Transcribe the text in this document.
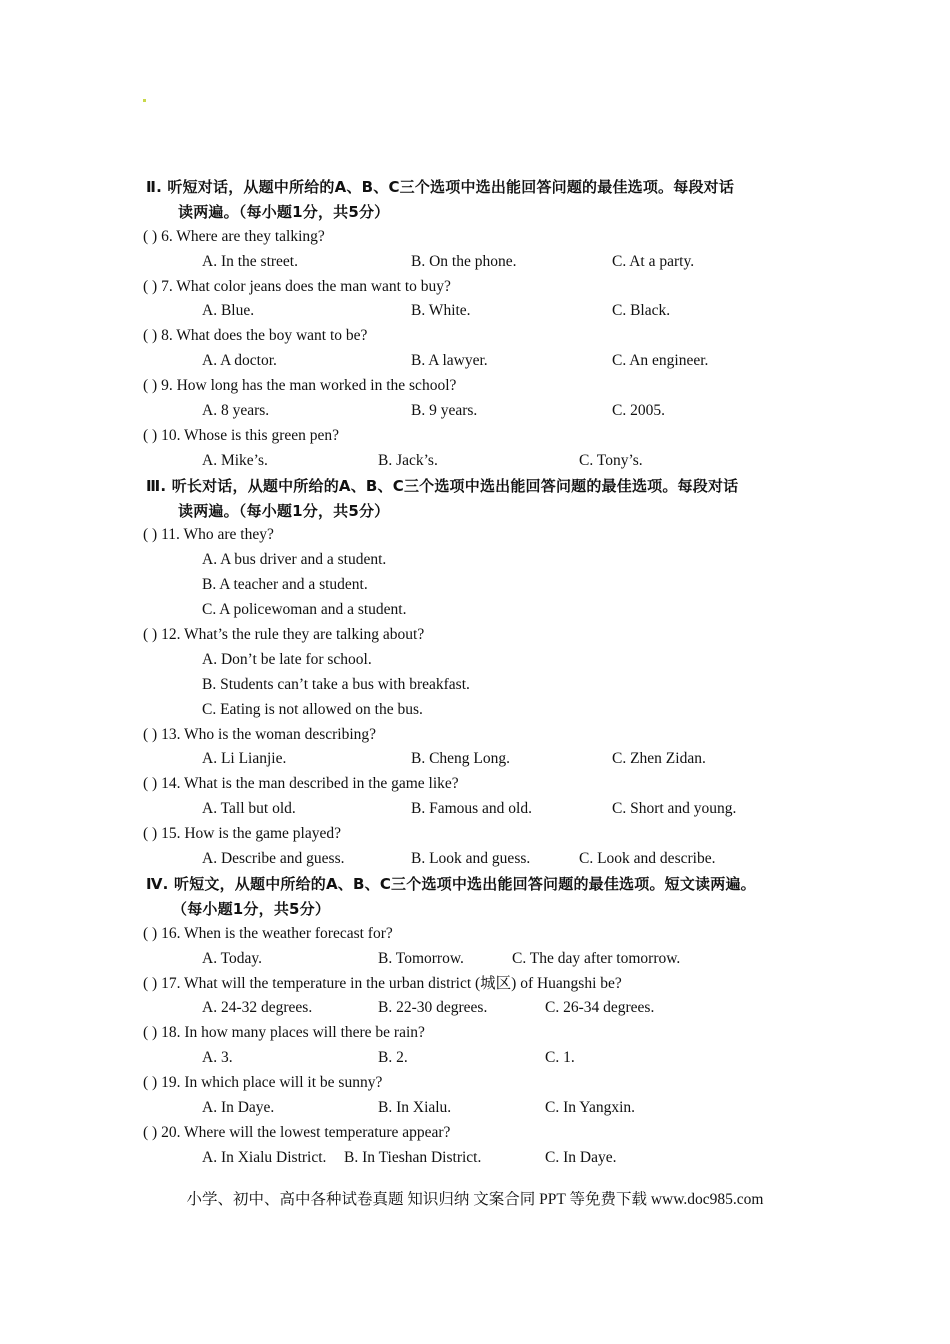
Ⅱ. 听短对话，从题中所给的A、B、C三个选项中选出能回答问题的最佳选项。每段对话
读两遍。（每小题1分，共5分）
( ) 6. Where are they talking?
A. In the street.	B. On the phone.	C. At a party.
( ) 7. What color jeans does the man want to buy?
A. Blue.	B. White.	C. Black.
( ) 8. What does the boy want to be?
A. A doctor.	B. A lawyer.	C. An engineer.
( ) 9. How long has the man worked in the school?
A. 8 years.	B. 9 years.	C. 2005.
( ) 10. Whose is this green pen?
A. Mike’s.	B. Jack’s.	C. Tony’s.
Ⅲ. 听长对话，从题中所给的A、B、C三个选项中选出能回答问题的最佳选项。每段对话
读两遍。（每小题1分，共5分）
( ) 11. Who are they?
A. A bus driver and a student.
B. A teacher and a student.
C. A policewoman and a student.
( ) 12. What’s the rule they are talking about?
A. Don’t be late for school.
B. Students can’t take a bus with breakfast.
C. Eating is not allowed on the bus.
( ) 13. Who is the woman describing?
A. Li Lianjie.	B. Cheng Long.	C. Zhen Zidan.
( ) 14. What is the man described in the game like?
A. Tall but old.	B. Famous and old.	C. Short and young.
( ) 15. How is the game played?
A. Describe and guess.	B. Look and guess.	C. Look and describe.
Ⅳ. 听短文，从题中所给的A、B、C三个选项中选出能回答问题的最佳选项。短文读两遍。
（每小题1分，共5分）
( ) 16. When is the weather forecast for?
A. Today.	B. Tomorrow.	C. The day after tomorrow.
( ) 17. What will the temperature in the urban district (城区) of Huangshi be?
A. 24-32 degrees.	B. 22-30 degrees.	C. 26-34 degrees.
( ) 18. In how many places will there be rain?
A. 3.	B. 2.	C. 1.
( ) 19. In which place will it be sunny?
A. In Daye.	B. In Xialu.	C. In Yangxin.
( ) 20. Where will the lowest temperature appear?
A. In Xialu District. B. In Tieshan District.	C. In Daye.
小学、初中、高中各种试卷真题 知识归纳 文案合同 PPT 等免费下载 www.doc985.com
